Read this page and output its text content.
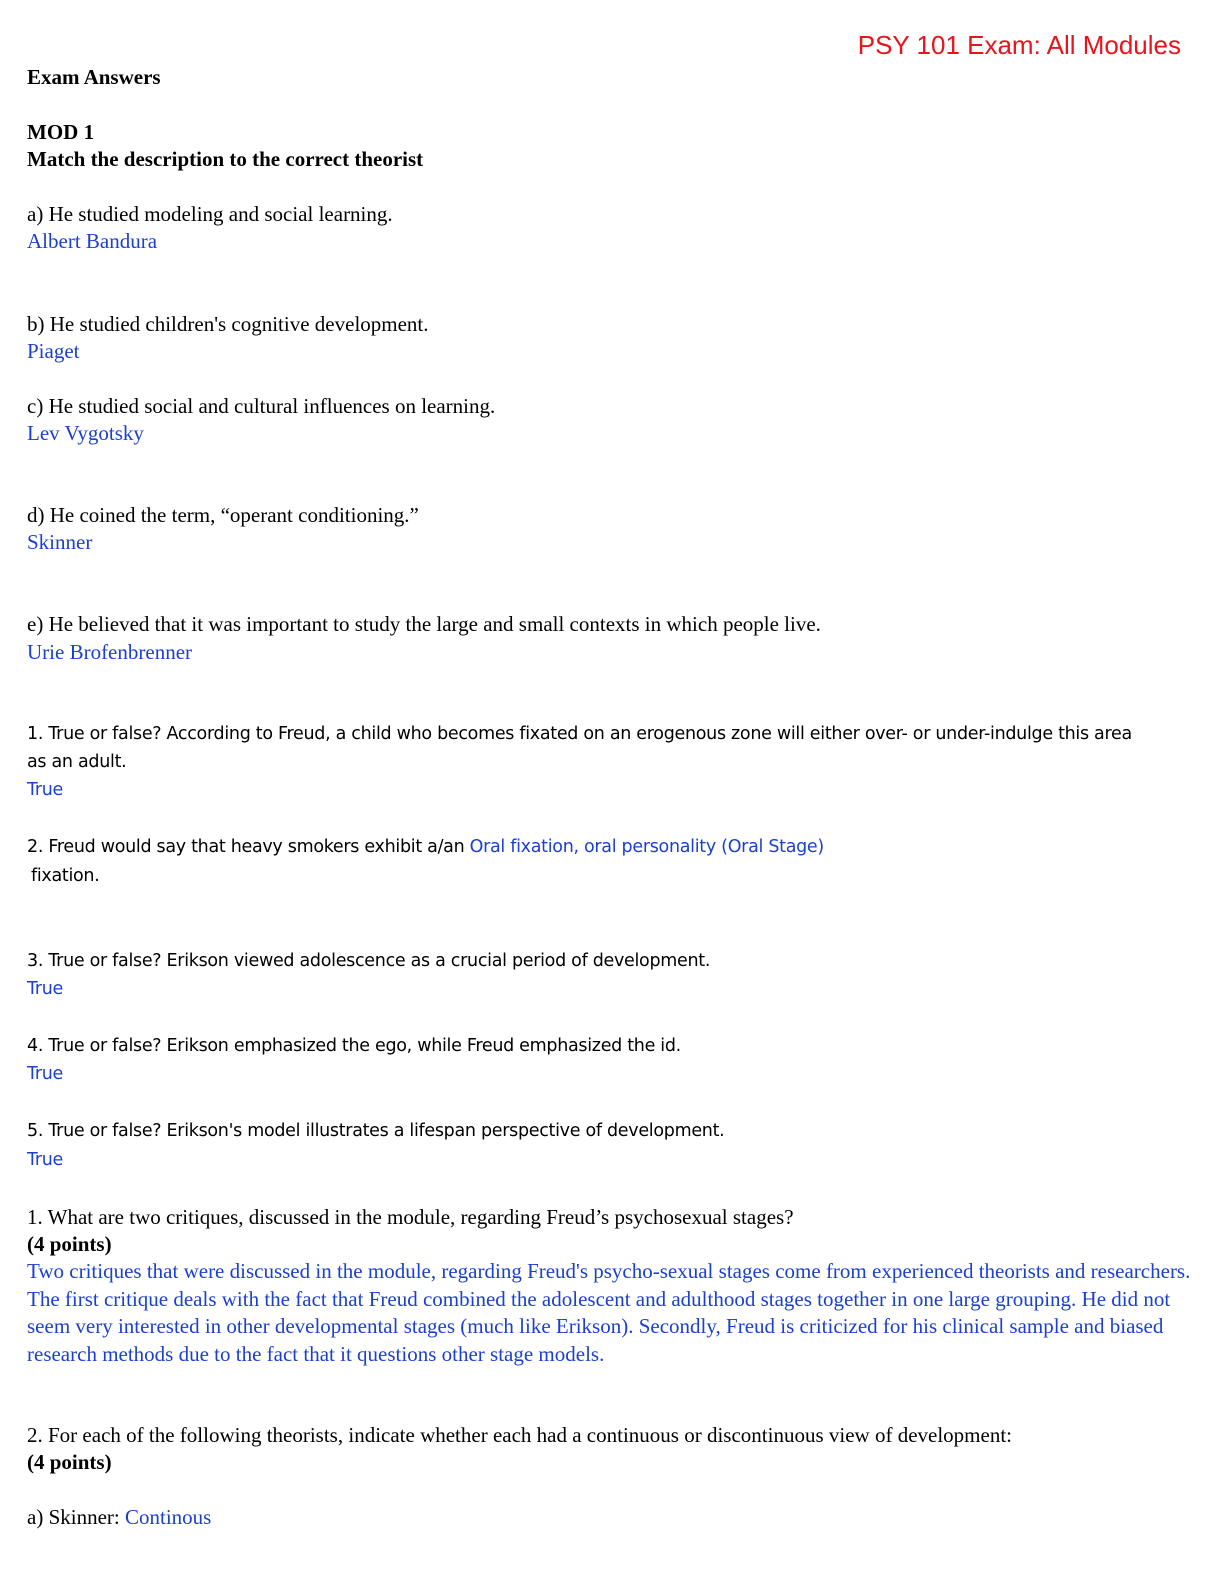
PSY 101 Exam: All Modules
Exam Answers
MOD 1
Match the description to the correct theorist
a) He studied modeling and social learning.
Albert Bandura
b) He studied children's cognitive development.
Piaget
c) He studied social and cultural influences on learning.
Lev Vygotsky
d) He coined the term, “operant conditioning.”
Skinner
e) He believed that it was important to study the large and small contexts in which people live.
Urie Brofenbrenner
1. True or false? According to Freud, a child who becomes fixated on an erogenous zone will either over- or under-indulge this area
as an adult.
True
2. Freud would say that heavy smokers exhibit a/an Oral fixation, oral personality (Oral Stage)
fixation.
3. True or false? Erikson viewed adolescence as a crucial period of development.
True
4. True or false? Erikson emphasized the ego, while Freud emphasized the id.
True
5. True or false? Erikson's model illustrates a lifespan perspective of development.
True
1. What are two critiques, discussed in the module, regarding Freud’s psychosexual stages?
(4 points)
Two critiques that were discussed in the module, regarding Freud's psycho-sexual stages come from experienced theorists and researchers. The first critique deals with the fact that Freud combined the adolescent and adulthood stages together in one large grouping. He did not seem very interested in other developmental stages (much like Erikson). Secondly, Freud is criticized for his clinical sample and biased research methods due to the fact that it questions other stage models.
2. For each of the following theorists, indicate whether each had a continuous or discontinuous view of development:
(4 points)
a) Skinner: Continous
